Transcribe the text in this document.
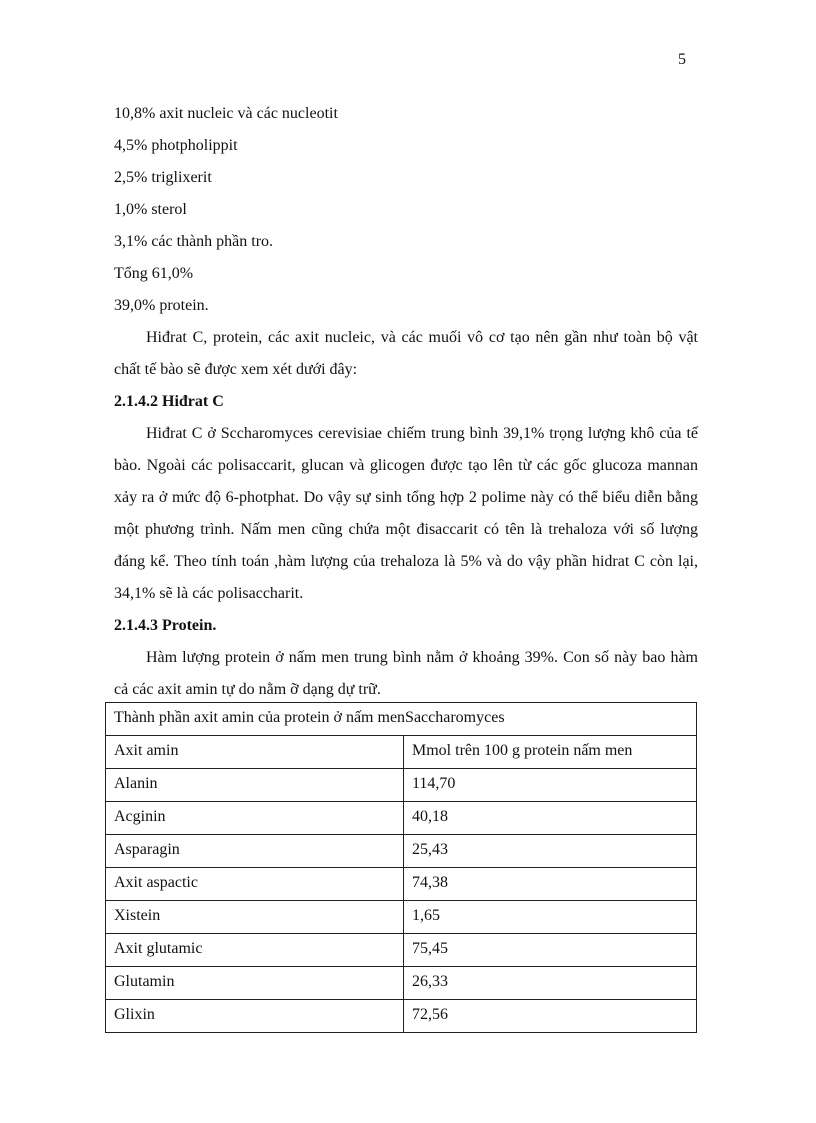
5
10,8% axit nucleic và các nucleotit
4,5% photpholippit
2,5% triglixerit
1,0% sterol
3,1% các thành phần tro.
Tổng 61,0%
39,0% protein.

Hiđrat C, protein, các axit nucleic, và các muối vô cơ tạo nên gần như toàn bộ vật chất tế bào sẽ được xem xét dưới đây:

2.1.4.2 Hiđrat C

Hiđrat C ở Sccharomyces cerevisiae chiếm trung bình 39,1% trọng lượng khô của tế bào. Ngoài các polisaccarit, glucan và glicogen được tạo lên từ các gốc glucoza mannan xảy ra ở mức độ 6-photphat. Do vậy sự sinh tổng hợp 2 polime này có thể biểu diễn bằng một phương trình. Nấm men cũng chứa một đisaccarit có tên là trehaloza với số lượng đáng kể. Theo tính toán ,hàm lượng của trehaloza là 5% và do vậy phần hidrat C còn lại, 34,1% sẽ là các polisaccharit.

2.1.4.3 Protein.

Hàm lượng protein ở nấm men trung bình nằm ở khoảng 39%. Con số này bao hàm cả các axit amin tự do nằm ỡ dạng dự trữ.

Thành phần axit amin của protein ở nấm menSaccharomyces	
Axit amin	Mmol trên 100 g protein nấm men
Alanin	114,70
Acginin	40,18
Asparagin	25,43
Axit aspactic	74,38
Xistein	1,65
Axit glutamic	75,45
Glutamin	26,33
Glixin	72,56
